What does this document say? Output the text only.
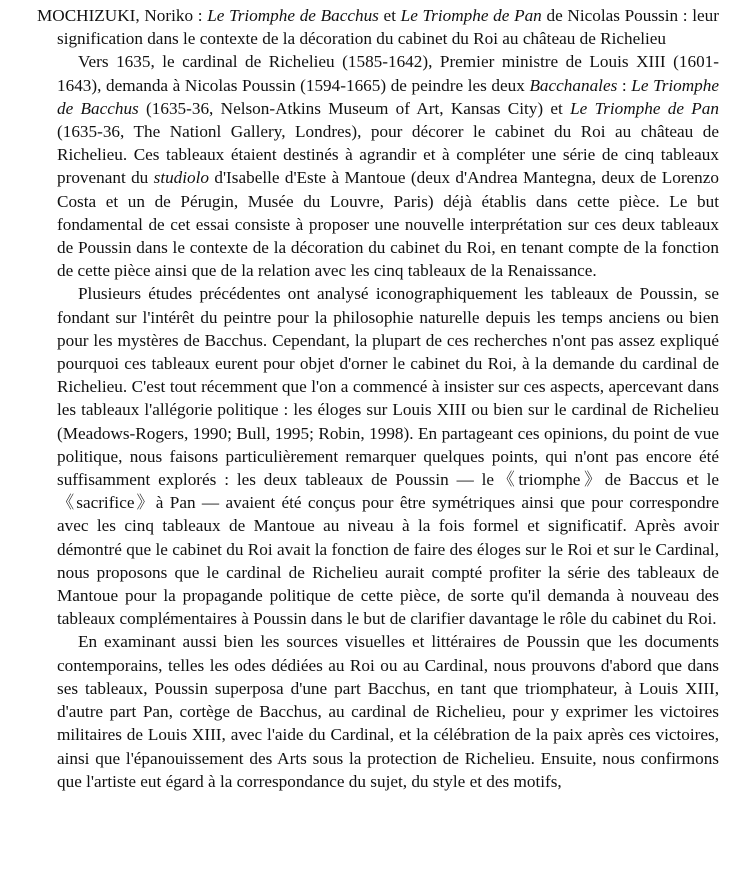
MOCHIZUKI, Noriko : Le Triomphe de Bacchus et Le Triomphe de Pan de Nicolas Poussin : leur signification dans le contexte de la décoration du cabinet du Roi au château de Richelieu

Vers 1635, le cardinal de Richelieu (1585-1642), Premier ministre de Louis XIII (1601-1643), demanda à Nicolas Poussin (1594-1665) de peindre les deux Bacchanales : Le Triomphe de Bacchus (1635-36, Nelson-Atkins Museum of Art, Kansas City) et Le Triomphe de Pan (1635-36, The Nationl Gallery, Londres), pour décorer le cabinet du Roi au château de Richelieu. Ces tableaux étaient destinés à agrandir et à compléter une série de cinq tableaux provenant du studiolo d'Isabelle d'Este à Mantoue (deux d'Andrea Mantegna, deux de Lorenzo Costa et un de Pérugin, Musée du Louvre, Paris) déjà établis dans cette pièce. Le but fondamental de cet essai consiste à proposer une nouvelle interprétation sur ces deux tableaux de Poussin dans le contexte de la décoration du cabinet du Roi, en tenant compte de la fonction de cette pièce ainsi que de la relation avec les cinq tableaux de la Renaissance.

Plusieurs études précédentes ont analysé iconographiquement les tableaux de Poussin, se fondant sur l'intérêt du peintre pour la philosophie naturelle depuis les temps anciens ou bien pour les mystères de Bacchus. Cependant, la plupart de ces recherches n'ont pas assez expliqué pourquoi ces tableaux eurent pour objet d'orner le cabinet du Roi, à la demande du cardinal de Richelieu. C'est tout récemment que l'on a commencé à insister sur ces aspects, apercevant dans les tableaux l'allégorie politique : les éloges sur Louis XIII ou bien sur le cardinal de Richelieu (Meadows-Rogers, 1990; Bull, 1995; Robin, 1998). En partageant ces opinions, du point de vue politique, nous faisons particulièrement remarquer quelques points, qui n'ont pas encore été suffisamment explorés : les deux tableaux de Poussin — le《triomphe》de Baccus et le《sacrifice》à Pan — avaient été conçus pour être symétriques ainsi que pour correspondre avec les cinq tableaux de Mantoue au niveau à la fois formel et significatif. Après avoir démontré que le cabinet du Roi avait la fonction de faire des éloges sur le Roi et sur le Cardinal, nous proposons que le cardinal de Richelieu aurait compté profiter la série des tableaux de Mantoue pour la propagande politique de cette pièce, de sorte qu'il demanda à nouveau des tableaux complémentaires à Poussin dans le but de clarifier davantage le rôle du cabinet du Roi.

En examinant aussi bien les sources visuelles et littéraires de Poussin que les documents contemporains, telles les odes dédiées au Roi ou au Cardinal, nous prouvons d'abord que dans ses tableaux, Poussin superposa d'une part Bacchus, en tant que triomphateur, à Louis XIII, d'autre part Pan, cortège de Bacchus, au cardinal de Richelieu, pour y exprimer les victoires militaires de Louis XIII, avec l'aide du Cardinal, et la célébration de la paix après ces victoires, ainsi que l'épanouissement des Arts sous la protection de Richelieu. Ensuite, nous confirmons que l'artiste eut égard à la correspondance du sujet, du style et des motifs,
